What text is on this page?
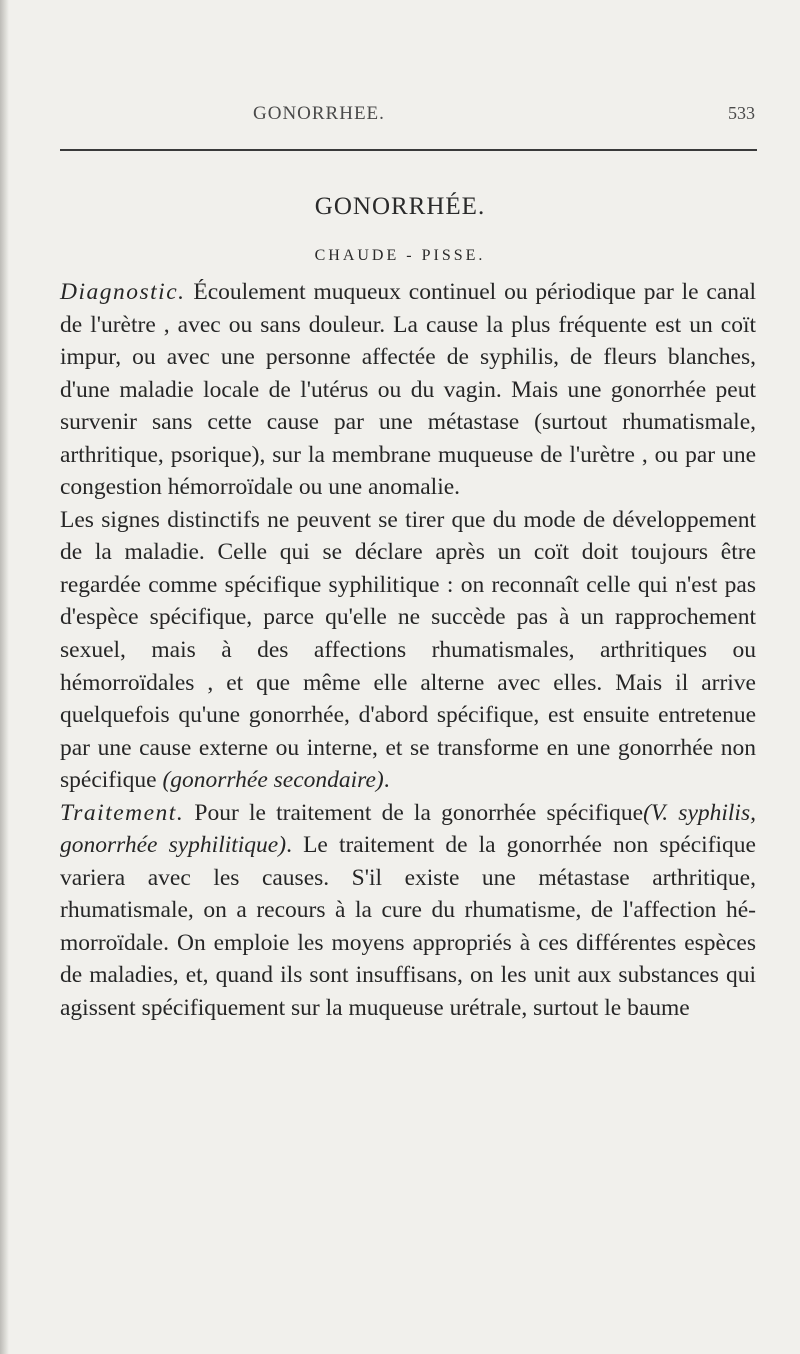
GONORRHEE.	533
GONORRHÉE.
CHAUDE - PISSE.

Diagnostic. Écoulement muqueux continuel ou périodique par le canal de l'urètre , avec ou sans douleur. La cause la plus fréquente est un coït impur, ou avec une personne affectée de syphilis, de fleurs blanches, d'une maladie locale de l'utérus ou du vagin. Mais une gonorrhée peut survenir sans cette cause par une métastase (surtout rhumatismale, arthritique, psorique), sur la membrane muqueuse de l'urètre , ou par une congestion hémorroïdale ou une anomalie.

Les signes distinctifs ne peuvent se tirer que du mode de développement de la maladie. Celle qui se déclare après un coït doit toujours être regardée comme spécifique syphilitique : on reconnaît celle qui n'est pas d'espèce spécifique, parce qu'elle ne succède pas à un rapprochement sexuel, mais à des affections rhumatismales, arthritiques ou hémorroïdales , et que même elle alterne avec elles. Mais il arrive quelquefois qu'une gonorrhée, d'abord spécifique, est ensuite entretenue par une cause externe ou interne, et se transforme en une gonorrhée non spécifique (gonorrhée secondaire).

Traitement. Pour le traitement de la gonorrhée spécifique(V. syphilis, gonorrhée syphilitique). Le traitement de la gonorrhée non spécifique variera avec les causes. S'il existe une métastase arthritique, rhumatismale, on a recours à la cure du rhumatisme, de l'affection hémorroïdale. On emploie les moyens appropriés à ces différentes espèces de maladies, et, quand ils sont insuffisans, on les unit aux substances qui agissent spécifiquement sur la muqueuse urétrale, surtout le baume
